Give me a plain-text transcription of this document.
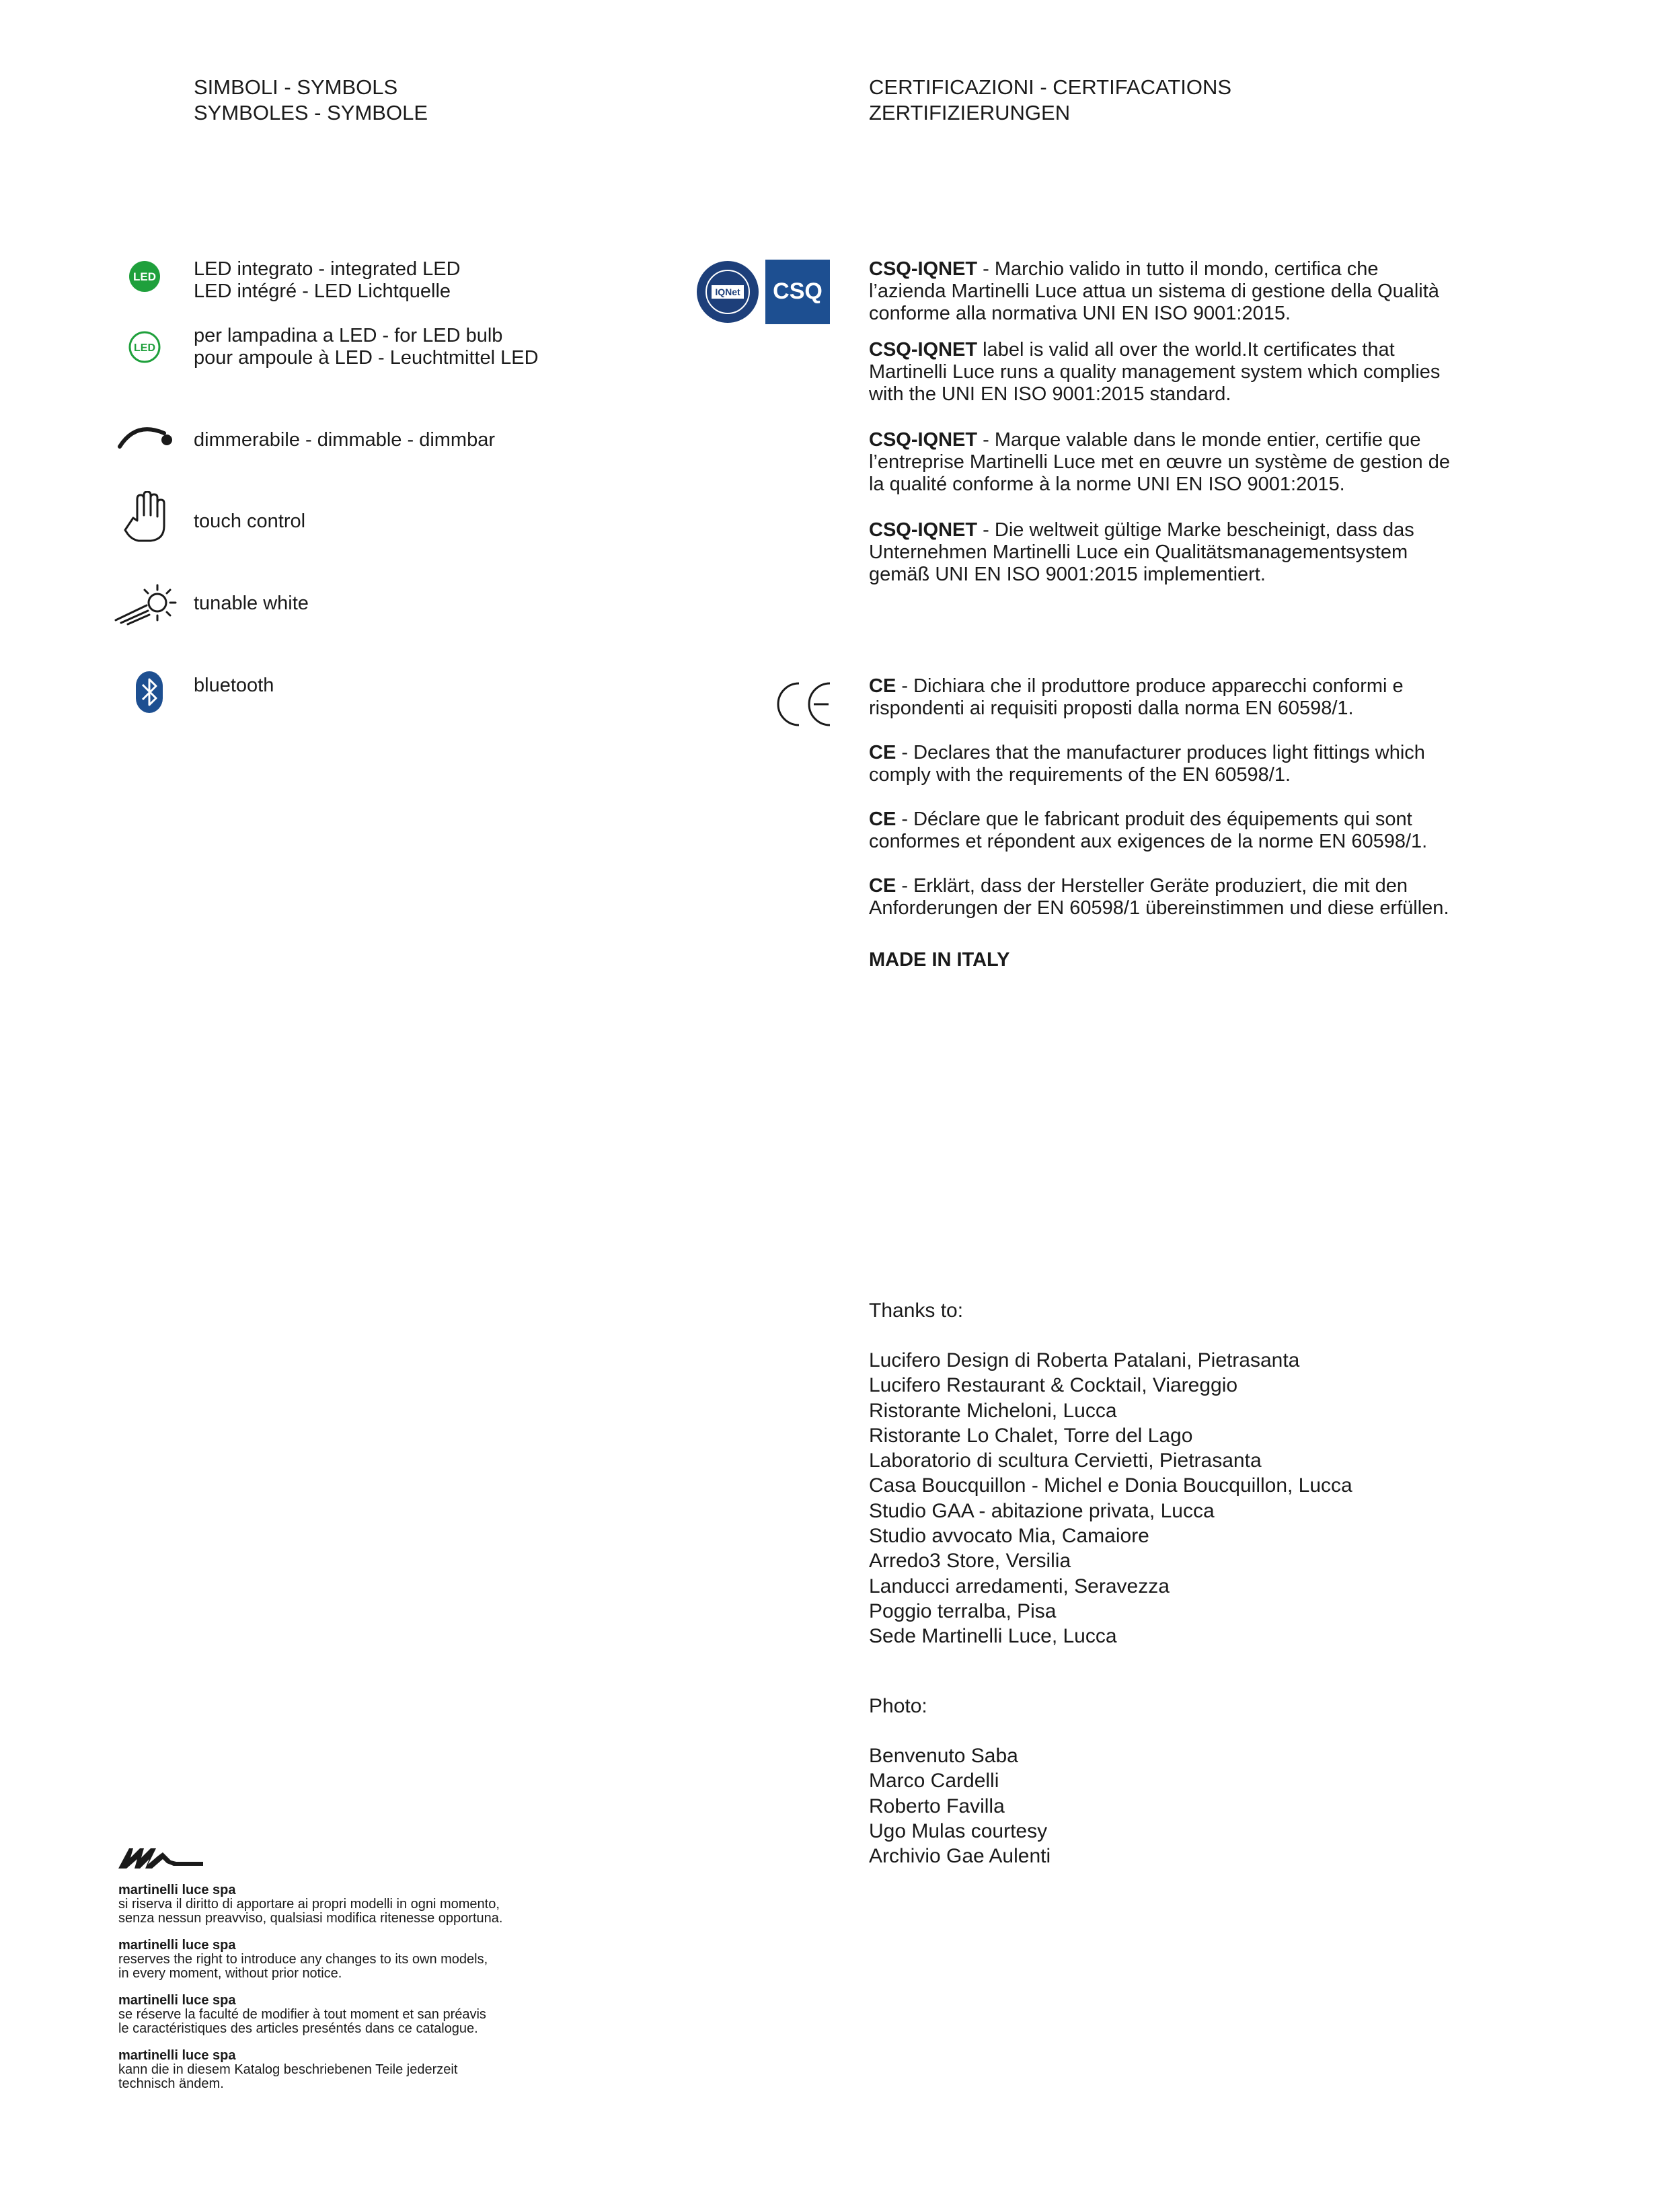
SIMBOLI - SYMBOLS
SYMBOLES - SYMBOLE
LED LED integrato - integrated LED
LED intégré - LED Lichtquelle
LED
per lampadina a LED - for LED bulb
pour ampoule à LED - Leuchtmittel LED
dimmerabile - dimmable - dimmbar
touch control
tunable white
bluetooth
CERTIFICAZIONI - CERTIFACATIONS
ZERTIFIZIERUNGEN
IQNet CSQ

CSQ-IQNET - Marchio valido in tutto il mondo, certifica che l’azienda Martinelli Luce attua un sistema di gestione della Qualità conforme alla normativa UNI EN ISO 9001:2015.

CSQ-IQNET label is valid all over the world.It certificates that Martinelli Luce runs a quality management system which complies with the UNI EN ISO 9001:2015 standard.

CSQ-IQNET - Marque valable dans le monde entier, certifie que l’entreprise Martinelli Luce met en œuvre un système de gestion de la qualité conforme à la norme UNI EN ISO 9001:2015.

CSQ-IQNET - Die weltweit gültige Marke bescheinigt, dass das Unternehmen Martinelli Luce ein Qualitätsmanagementsystem gemäß UNI EN ISO 9001:2015 implementiert.

CE - Dichiara che il produttore produce apparecchi conformi e rispondenti ai requisiti proposti dalla norma EN 60598/1.

CE - Declares that the manufacturer produces light fittings which comply with the requirements of the EN 60598/1.

CE - Déclare que le fabricant produit des équipements qui sont conformes et répondent aux exigences de la norme EN 60598/1.

CE - Erklärt, dass der Hersteller Geräte produziert, die mit den Anforderungen der EN 60598/1 übereinstimmen und diese erfüllen.

MADE IN ITALY

Thanks to:
Lucifero Design di Roberta Patalani, Pietrasanta
Lucifero Restaurant & Cocktail, Viareggio
Ristorante Micheloni, Lucca
Ristorante Lo Chalet, Torre del Lago
Laboratorio di scultura Cervietti, Pietrasanta
Casa Boucquillon - Michel e Donia Boucquillon, Lucca
Studio GAA - abitazione privata, Lucca
Studio avvocato Mia, Camaiore
Arredo3 Store, Versilia
Landucci arredamenti, Seravezza
Poggio terralba, Pisa
Sede Martinelli Luce, Lucca
Photo:
Benvenuto Saba
Marco Cardelli
Roberto Favilla
Ugo Mulas courtesy
Archivio Gae Aulenti
martinelli luce spa
si riserva il diritto di apportare ai propri modelli in ogni momento,
senza nessun preavviso, qualsiasi modifica ritenesse opportuna.
martinelli luce spa
reserves the right to introduce any changes to its own models,
in every moment, without prior notice.
martinelli luce spa
se réserve la faculté de modifier à tout moment et san préavis
le caractéristiques des articles preséntés dans ce catalogue.
martinelli luce spa
kann die in diesem Katalog beschriebenen Teile jederzeit
technisch ändem.
